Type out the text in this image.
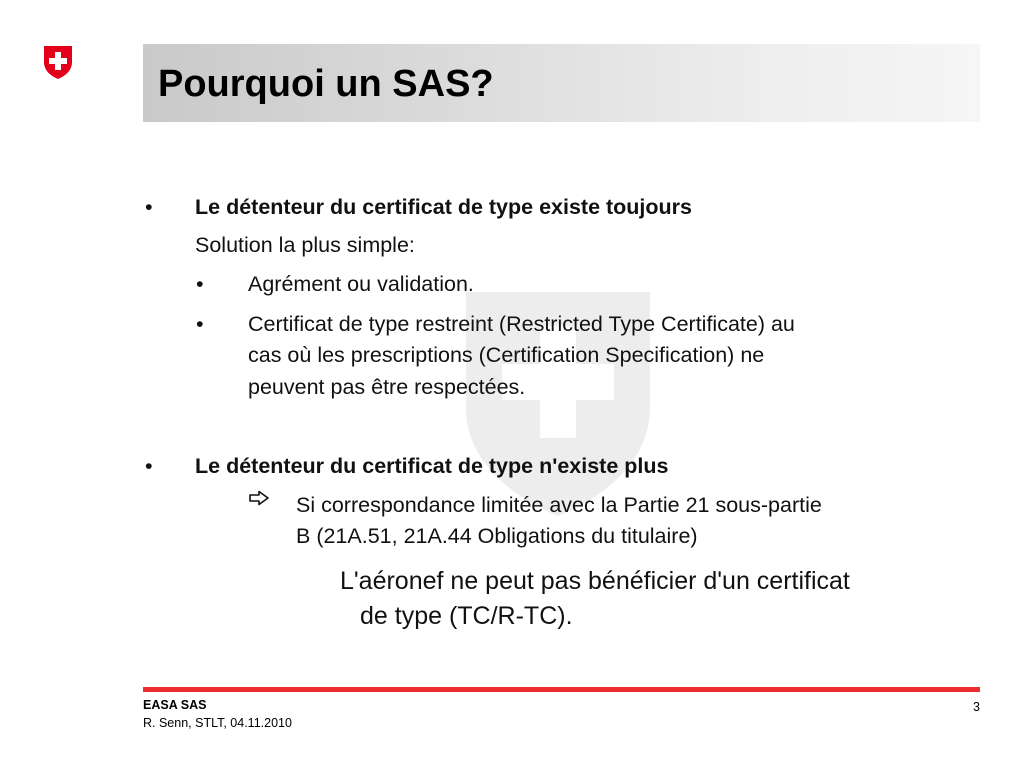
Pourquoi un SAS?
• Le détenteur du certificat de type existe toujours

Solution la plus simple:

• Agrément ou validation.

• Certificat de type restreint (Restricted Type Certificate) au

cas où les prescriptions (Certification Specification) ne

peuvent pas être respectées.

• Le détenteur du certificat de type n'existe plus

Si correspondance limitée avec la Partie 21 sous-partie

B (21A.51, 21A.44 Obligations du titulaire)

L'aéronef ne peut pas bénéficier d'un certificat

de type (TC/R-TC).

EASA SAS
R. Senn, STLT, 04.11.2010
3
